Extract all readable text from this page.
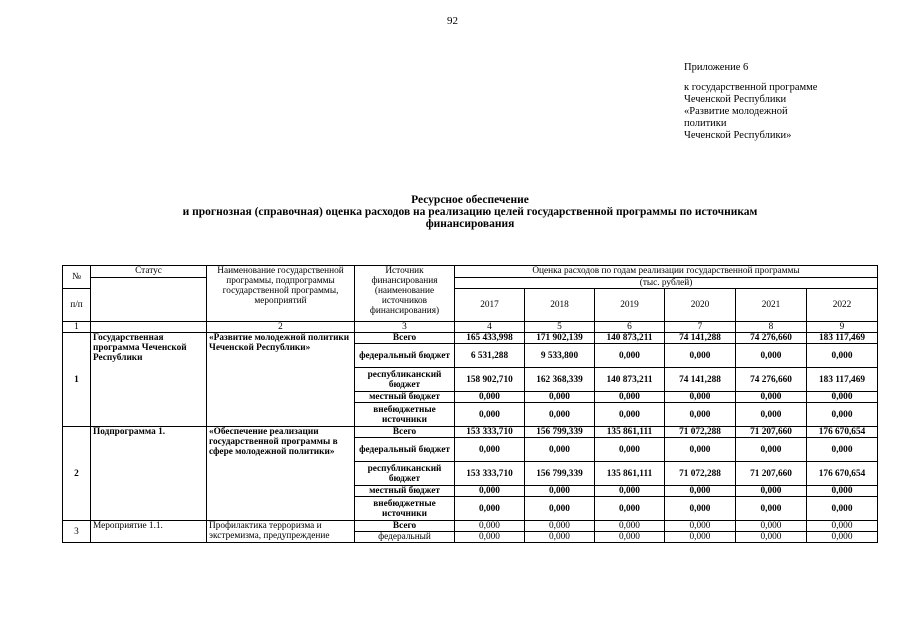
92
Приложение 6
к государственной программе
Чеченской Республики
«Развитие молодежной
политики
Чеченской Республики»
Ресурсное обеспечение
и прогнозная (справочная) оценка расходов на реализацию целей государственной программы по источникам
финансирования
№	Статус	Наименование государственной программы, подпрограммы государственной программы, мероприятий	Источник финансирования (наименование источников финансирования)	Оценка расходов по годам реализации государственной программы					
				(тыс. рублей)					
п/п				2017	2018	2019	2020	2021	2022
1		2	3	4	5	6	7	8	9
1	Государственная программа Чеченской Республики	«Развитие молодежной политики Чеченской Республики»	Всего	165 433,998	171 902,139	140 873,211	74 141,288	74 276,660	183 117,469
			федеральный бюджет	6 531,288	9 533,800	0,000	0,000	0,000	0,000
			республиканский бюджет	158 902,710	162 368,339	140 873,211	74 141,288	74 276,660	183 117,469
			местный бюджет	0,000	0,000	0,000	0,000	0,000	0,000
			внебюджетные источники	0,000	0,000	0,000	0,000	0,000	0,000
2	Подпрограмма 1.	«Обеспечение реализации государственной программы в сфере молодежной политики»	Всего	153 333,710	156 799,339	135 861,111	71 072,288	71 207,660	176 670,654
			федеральный бюджет	0,000	0,000	0,000	0,000	0,000	0,000
			республиканский бюджет	153 333,710	156 799,339	135 861,111	71 072,288	71 207,660	176 670,654
			местный бюджет	0,000	0,000	0,000	0,000	0,000	0,000
			внебюджетные источники	0,000	0,000	0,000	0,000	0,000	0,000
3	Мероприятие 1.1.	Профилактика терроризма и экстремизма, предупреждение	Всего	0,000	0,000	0,000	0,000	0,000	0,000
			федеральный	0,000	0,000	0,000	0,000	0,000	0,000
